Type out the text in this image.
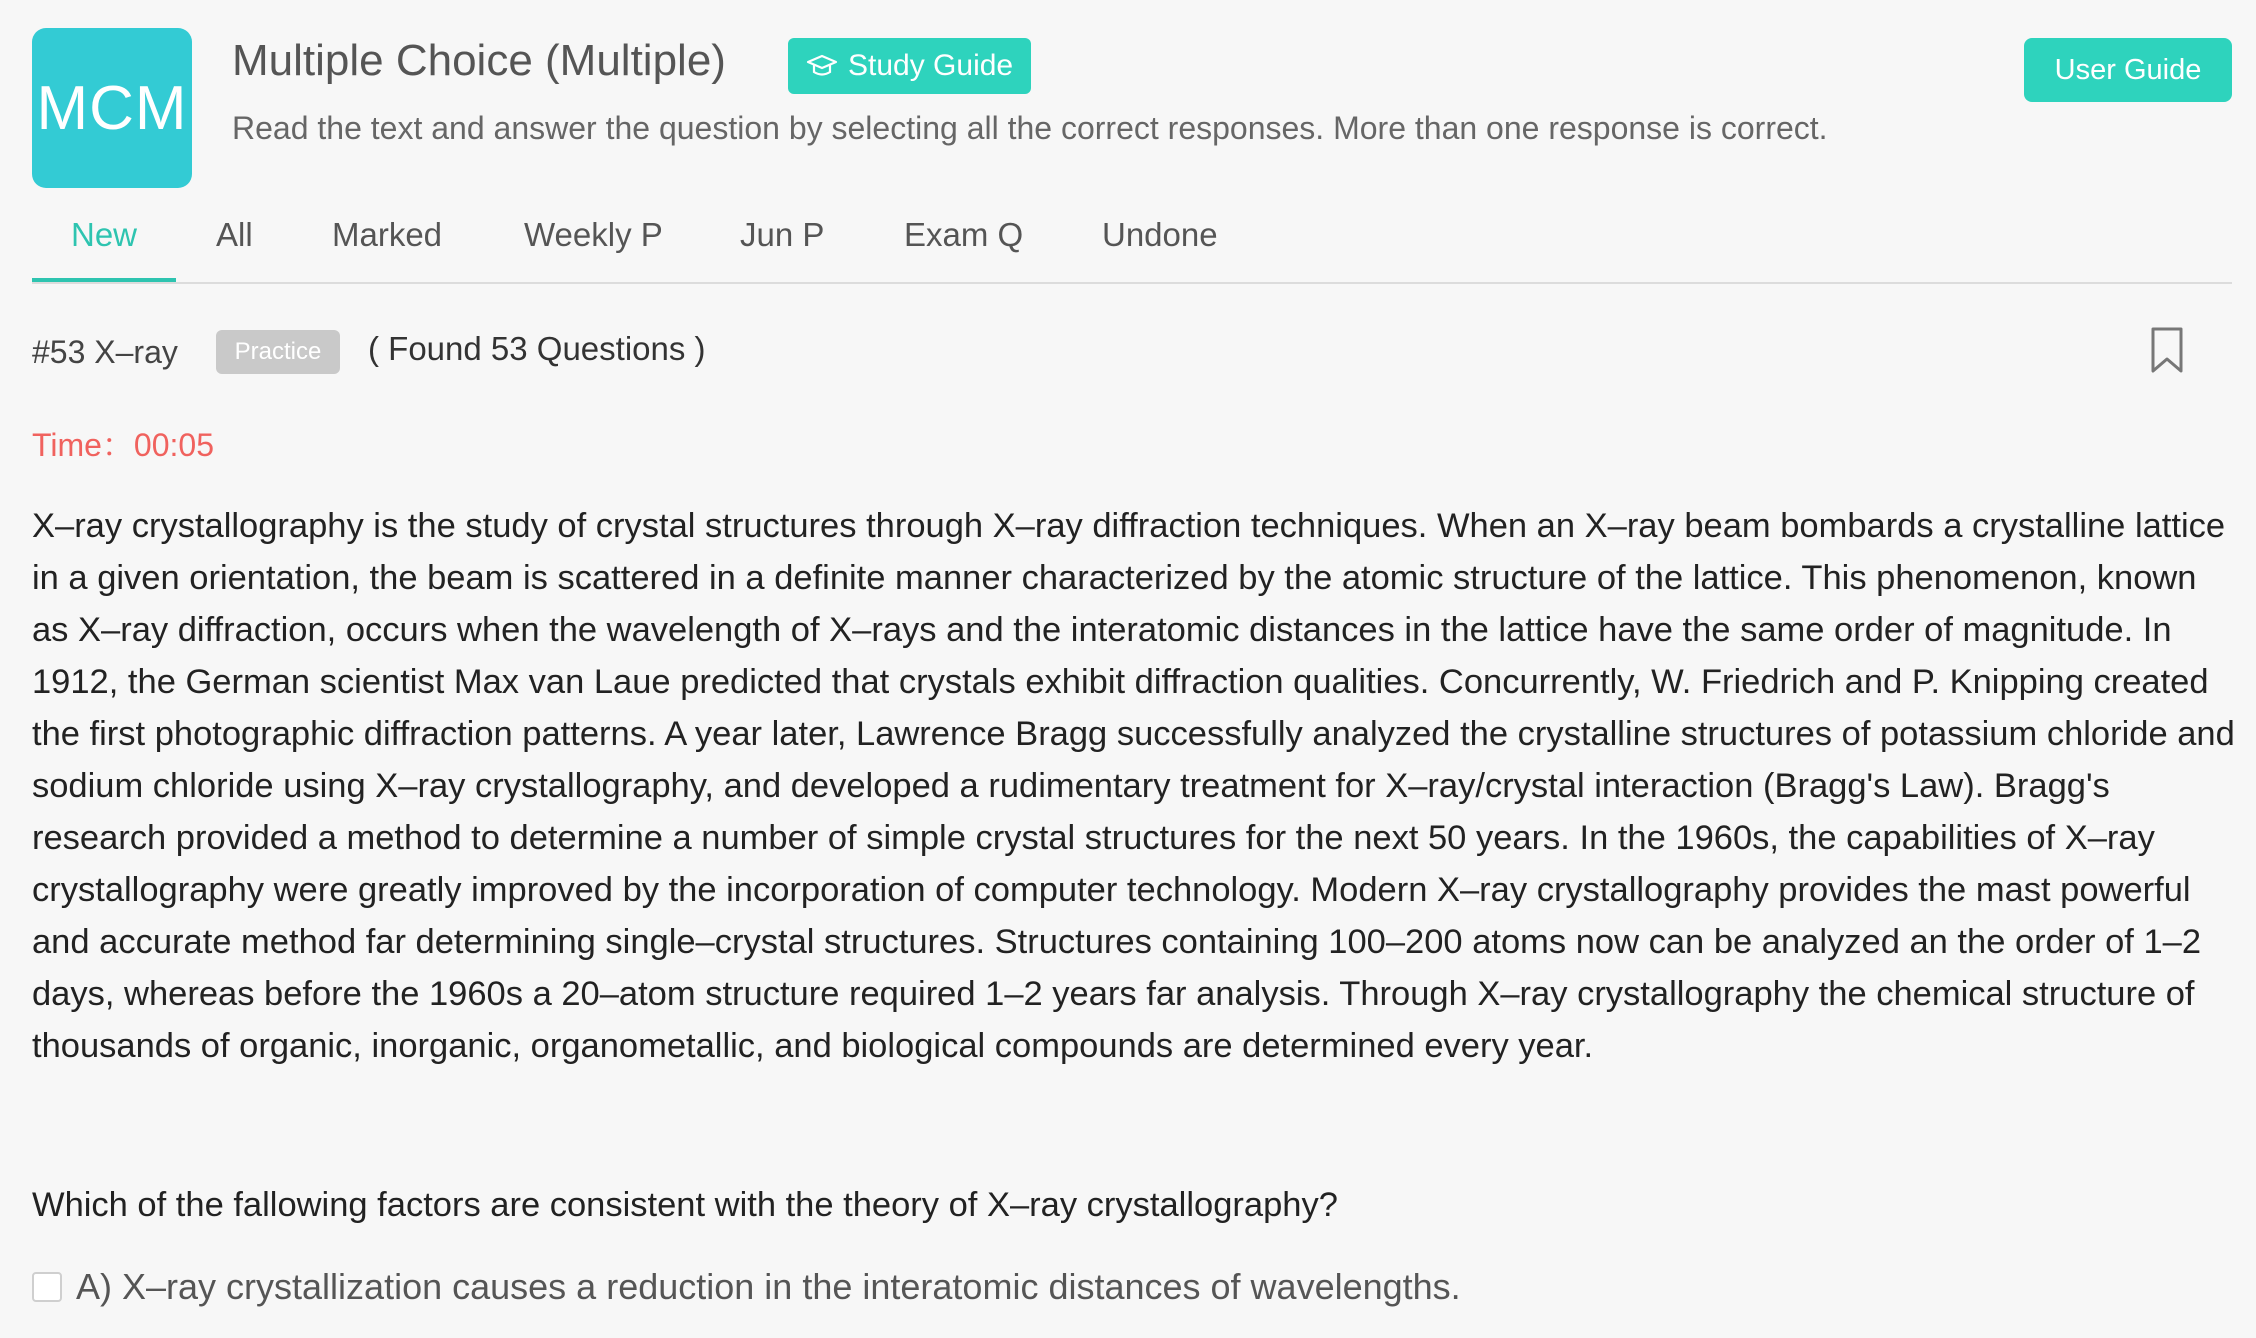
MCM
Multiple Choice (Multiple)	Study Guide	User Guide
Read the text and answer the question by selecting all the correct responses. More than one response is correct.
New	All Marked Weekly P Jun P Exam Q Undone
#53 X–ray	Practice	( Found 53 Questions )
Time：00:05

X–ray crystallography is the study of crystal structures through X–ray diffraction techniques. When an X–ray beam bombards a crystalline lattice in a given orientation, the beam is scattered in a definite manner characterized by the atomic structure of the lattice. This phenomenon, known as X–ray diffraction, occurs when the wavelength of X–rays and the interatomic distances in the lattice have the same order of magnitude. In 1912, the German scientist Max van Laue predicted that crystals exhibit diffraction qualities. Concurrently, W. Friedrich and P. Knipping created the first photographic diffraction patterns. A year later, Lawrence Bragg successfully analyzed the crystalline structures of potassium chloride and sodium chloride using X–ray crystallography, and developed a rudimentary treatment for X–ray/crystal interaction (Bragg's Law). Bragg's research provided a method to determine a number of simple crystal structures for the next 50 years. In the 1960s, the capabilities of X–ray crystallography were greatly improved by the incorporation of computer technology. Modern X–ray crystallography provides the mast powerful and accurate method far determining single–crystal structures. Structures containing 100–200 atoms now can be analyzed an the order of 1–2 days, whereas before the 1960s a 20–atom structure required 1–2 years far analysis. Through X–ray crystallography the chemical structure of thousands of organic, inorganic, organometallic, and biological compounds are determined every year.

Which of the fallowing factors are consistent with the theory of X–ray crystallography?
A) X–ray crystallization causes a reduction in the interatomic distances of wavelengths.
